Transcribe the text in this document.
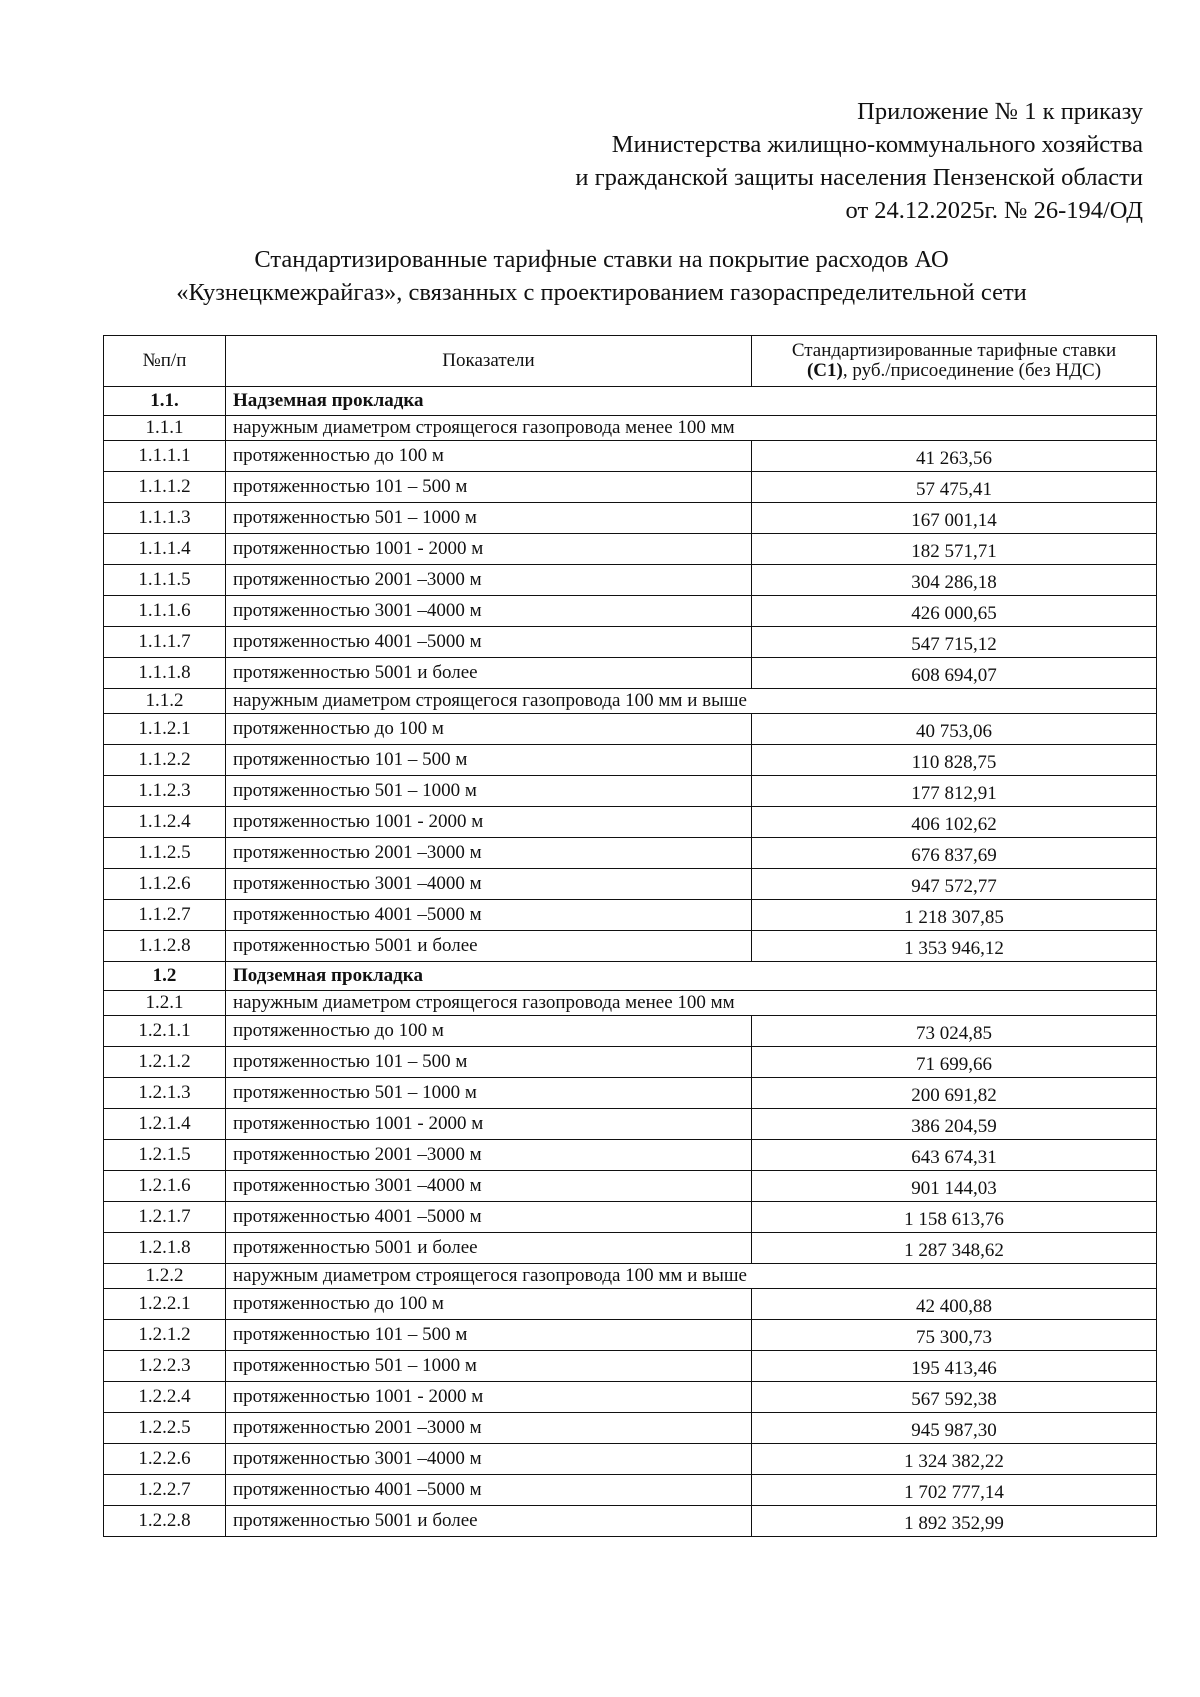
Приложение № 1 к приказу
Министерства жилищно-коммунального хозяйства
и гражданской защиты населения Пензенской области
от 24.12.2025г. № 26-194/ОД
Стандартизированные тарифные ставки на покрытие расходов АО
«Кузнецкмежрайгаз», связанных с проектированием газораспределительной сети
№п/п	Показатели	Стандартизированные тарифные ставки
(С1), руб./присоединение (без НДС)
1.1.	Надземная прокладка	
1.1.1	наружным диаметром строящегося газопровода менее 100 мм	
1.1.1.1	протяженностью до 100 м	41 263,56
1.1.1.2	протяженностью 101 – 500 м	57 475,41
1.1.1.3	протяженностью 501 – 1000 м	167 001,14
1.1.1.4	протяженностью 1001 - 2000 м	182 571,71
1.1.1.5	протяженностью 2001 –3000 м	304 286,18
1.1.1.6	протяженностью 3001 –4000 м	426 000,65
1.1.1.7	протяженностью 4001 –5000 м	547 715,12
1.1.1.8	протяженностью 5001 и более	608 694,07
1.1.2	наружным диаметром строящегося газопровода 100 мм и выше	
1.1.2.1	протяженностью до 100 м	40 753,06
1.1.2.2	протяженностью 101 – 500 м	110 828,75
1.1.2.3	протяженностью 501 – 1000 м	177 812,91
1.1.2.4	протяженностью 1001 - 2000 м	406 102,62
1.1.2.5	протяженностью 2001 –3000 м	676 837,69
1.1.2.6	протяженностью 3001 –4000 м	947 572,77
1.1.2.7	протяженностью 4001 –5000 м	1 218 307,85
1.1.2.8	протяженностью 5001 и более	1 353 946,12
1.2	Подземная прокладка	
1.2.1	наружным диаметром строящегося газопровода менее 100 мм	
1.2.1.1	протяженностью до 100 м	73 024,85
1.2.1.2	протяженностью 101 – 500 м	71 699,66
1.2.1.3	протяженностью 501 – 1000 м	200 691,82
1.2.1.4	протяженностью 1001 - 2000 м	386 204,59
1.2.1.5	протяженностью 2001 –3000 м	643 674,31
1.2.1.6	протяженностью 3001 –4000 м	901 144,03
1.2.1.7	протяженностью 4001 –5000 м	1 158 613,76
1.2.1.8	протяженностью 5001 и более	1 287 348,62
1.2.2	наружным диаметром строящегося газопровода 100 мм и выше	
1.2.2.1	протяженностью до 100 м	42 400,88
1.2.1.2	протяженностью 101 – 500 м	75 300,73
1.2.2.3	протяженностью 501 – 1000 м	195 413,46
1.2.2.4	протяженностью 1001 - 2000 м	567 592,38
1.2.2.5	протяженностью 2001 –3000 м	945 987,30
1.2.2.6	протяженностью 3001 –4000 м	1 324 382,22
1.2.2.7	протяженностью 4001 –5000 м	1 702 777,14
1.2.2.8	протяженностью 5001 и более	1 892 352,99
